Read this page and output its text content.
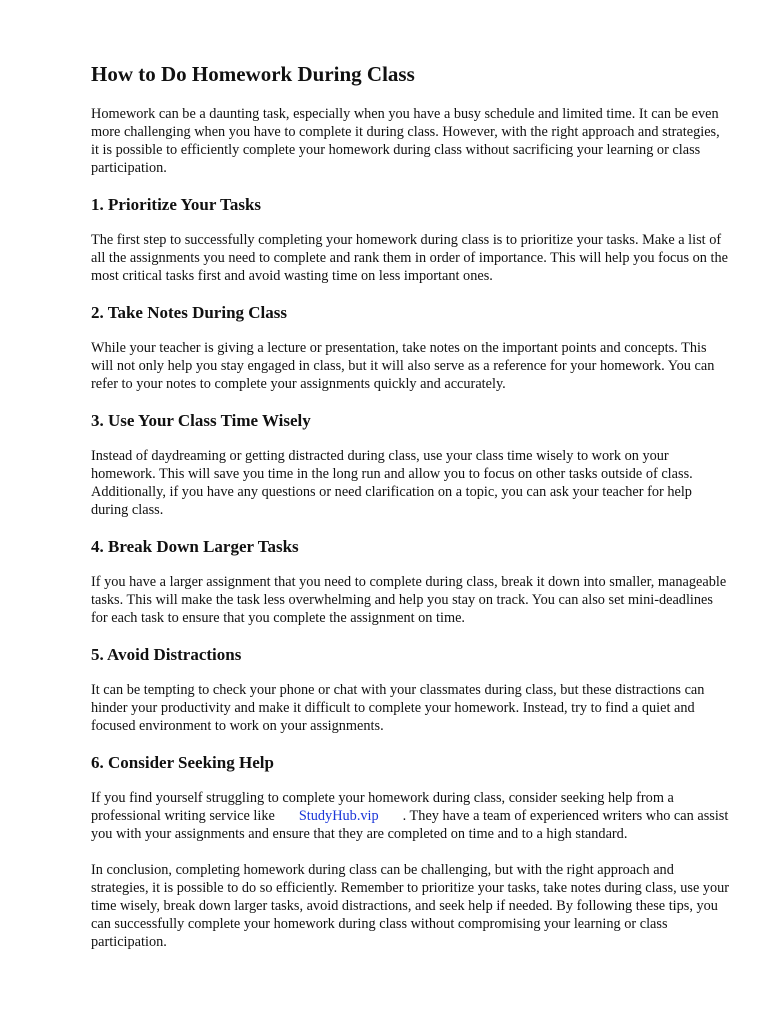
How to Do Homework During Class

Homework can be a daunting task, especially when you have a busy schedule and limited time. It can be even more challenging when you have to complete it during class. However, with the right approach and strategies, it is possible to efficiently complete your homework during class without sacrificing your learning or class participation.

1. Prioritize Your Tasks

The first step to successfully completing your homework during class is to prioritize your tasks. Make a list of all the assignments you need to complete and rank them in order of importance. This will help you focus on the most critical tasks first and avoid wasting time on less important ones.

2. Take Notes During Class

While your teacher is giving a lecture or presentation, take notes on the important points and concepts. This will not only help you stay engaged in class, but it will also serve as a reference for your homework. You can refer to your notes to complete your assignments quickly and accurately.

3. Use Your Class Time Wisely

Instead of daydreaming or getting distracted during class, use your class time wisely to work on your homework. This will save you time in the long run and allow you to focus on other tasks outside of class. Additionally, if you have any questions or need clarification on a topic, you can ask your teacher for help during class.

4. Break Down Larger Tasks

If you have a larger assignment that you need to complete during class, break it down into smaller, manageable tasks. This will make the task less overwhelming and help you stay on track. You can also set mini-deadlines for each task to ensure that you complete the assignment on time.

5. Avoid Distractions

It can be tempting to check your phone or chat with your classmates during class, but these distractions can hinder your productivity and make it difficult to complete your homework. Instead, try to find a quiet and focused environment to work on your assignments.

6. Consider Seeking Help

If you find yourself struggling to complete your homework during class, consider seeking help from a professional writing service like StudyHub.vip . They have a team of experienced writers who can assist you with your assignments and ensure that they are completed on time and to a high standard.

In conclusion, completing homework during class can be challenging, but with the right approach and strategies, it is possible to do so efficiently. Remember to prioritize your tasks, take notes during class, use your time wisely, break down larger tasks, avoid distractions, and seek help if needed. By following these tips, you can successfully complete your homework during class without compromising your learning or class participation.
